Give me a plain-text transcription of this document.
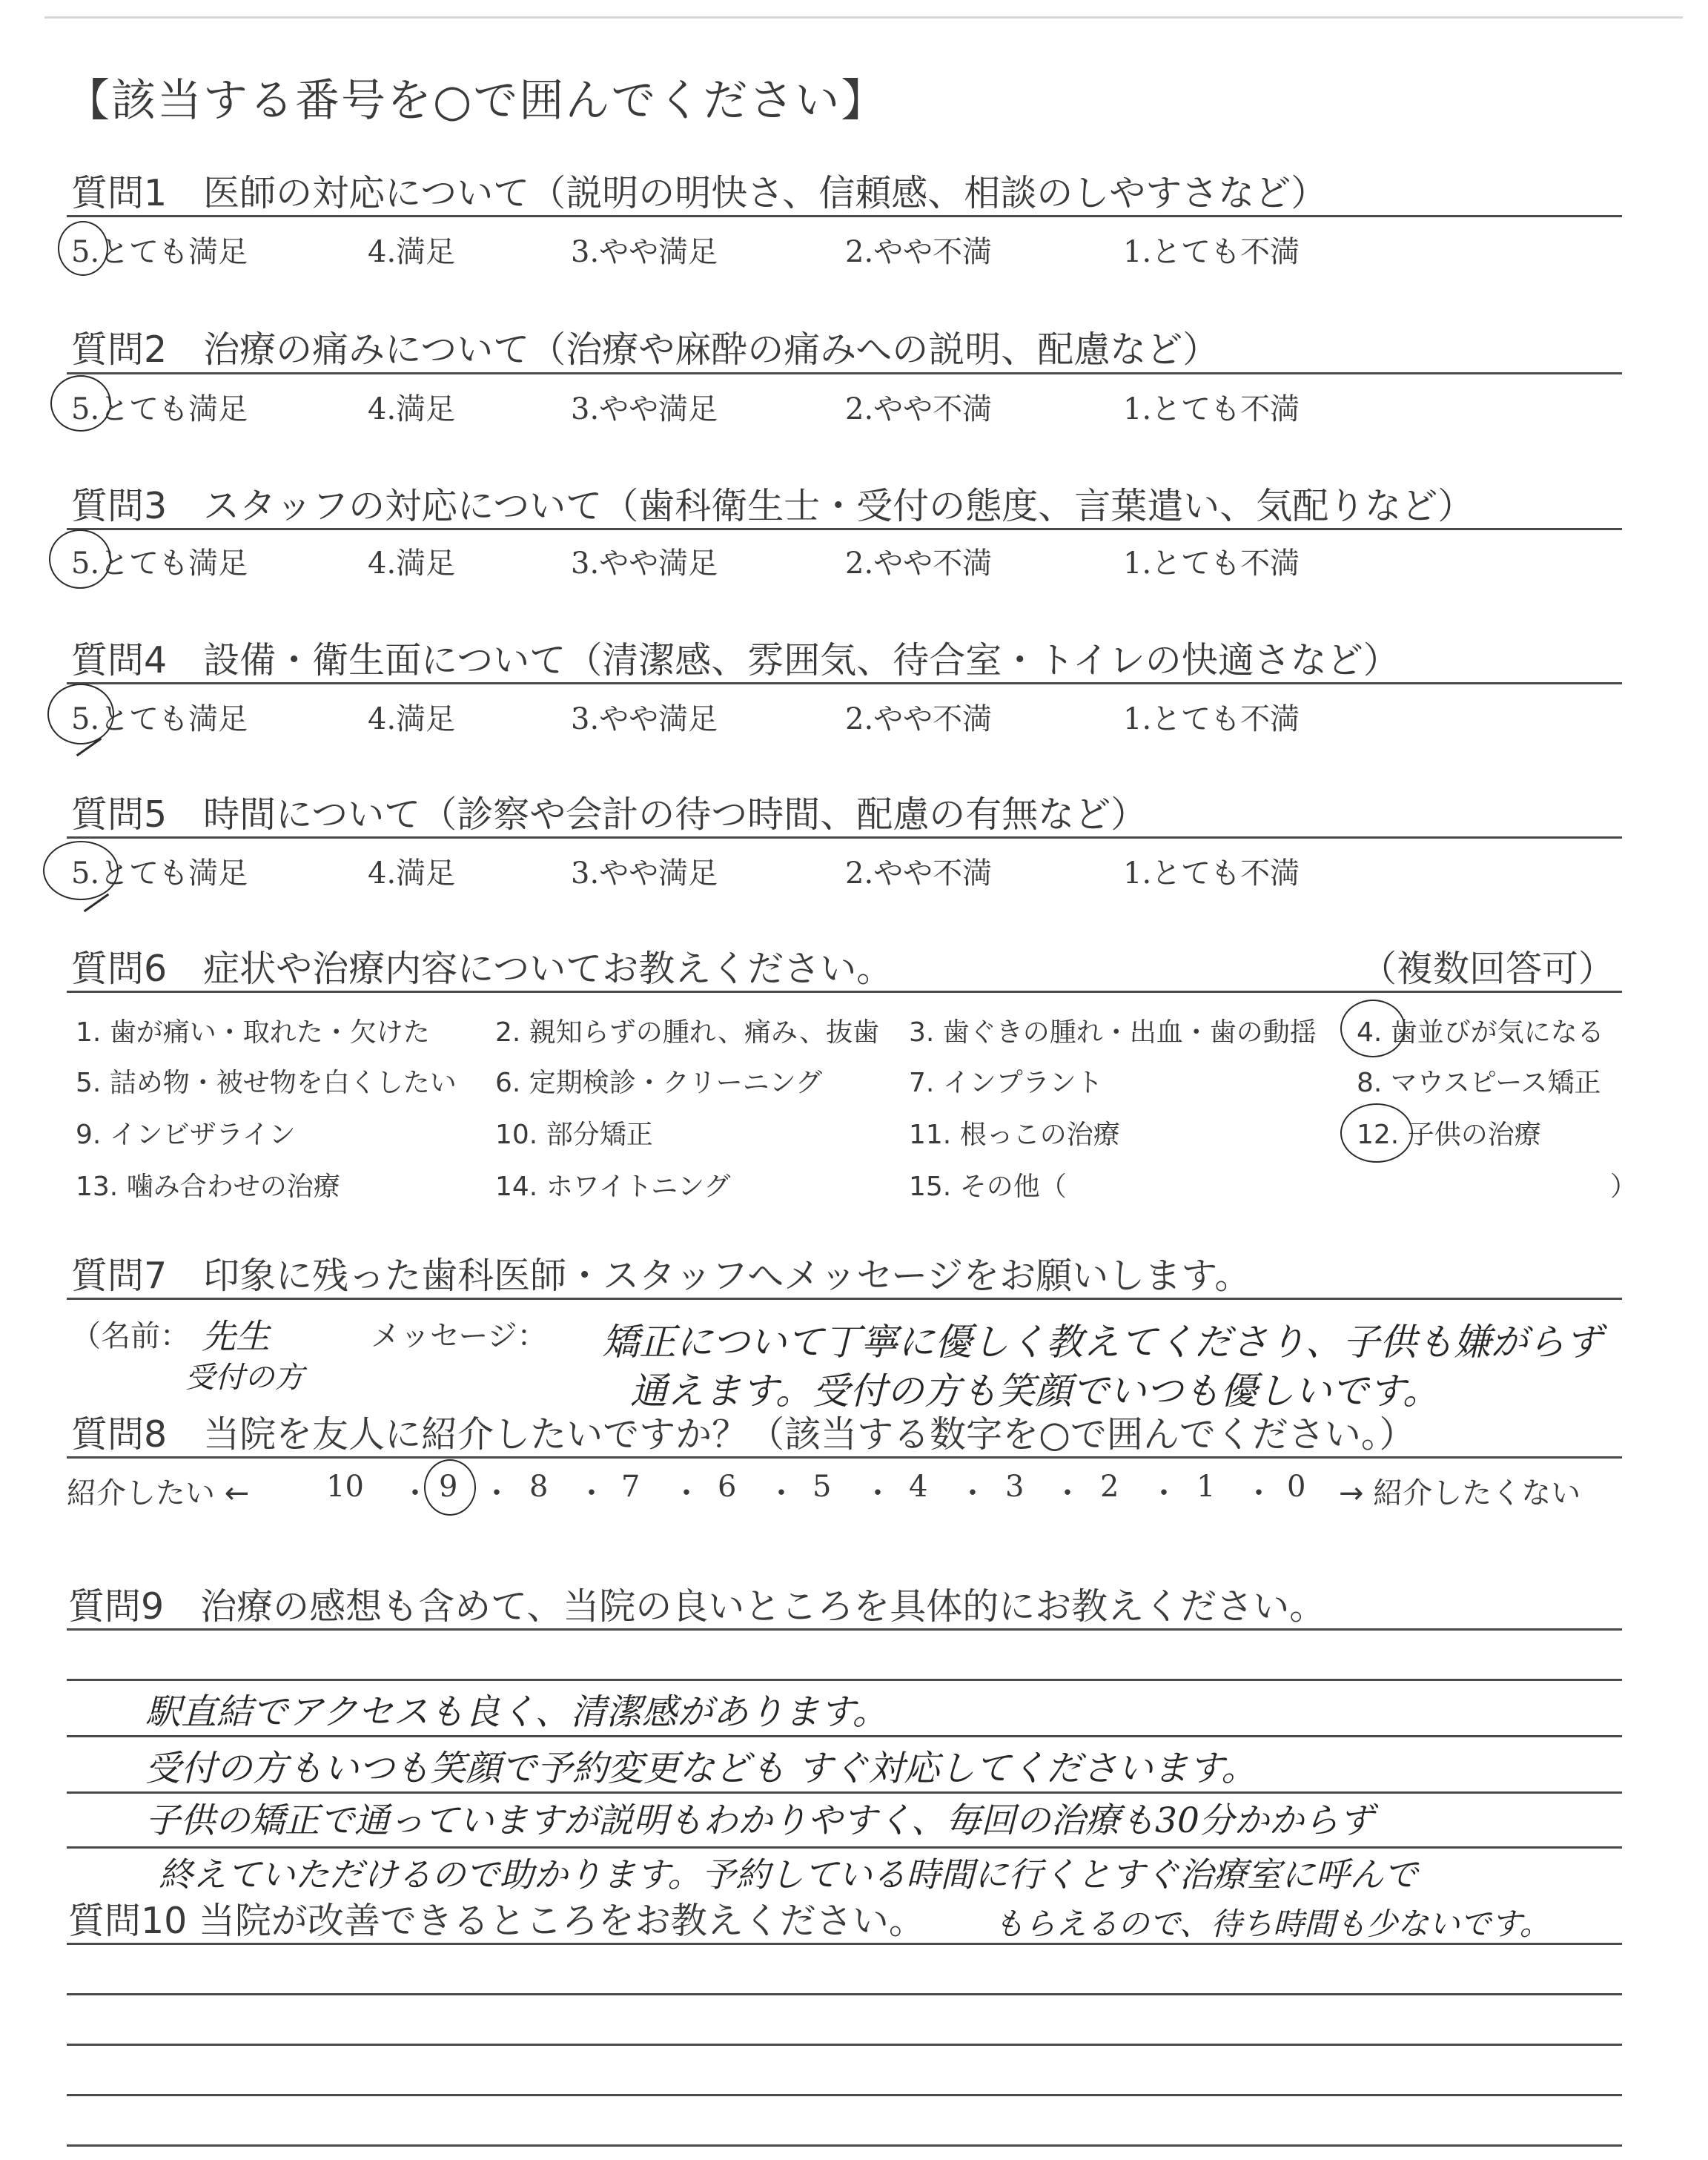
【該当する番号を○で囲んでください】
質問1　医師の対応について（説明の明快さ、信頼感、相談のしやすさなど）
5.とても満足	4.満足	3.やや満足	2.やや不満	1.とても不満
質問2　治療の痛みについて（治療や麻酔の痛みへの説明、配慮など）
5.とても満足	4.満足	3.やや満足	2.やや不満	1.とても不満
質問3　スタッフの対応について（歯科衛生士・受付の態度、言葉遣い、気配りなど）
5.とても満足	4.満足	3.やや満足	2.やや不満	1.とても不満
質問4　設備・衛生面について（清潔感、雰囲気、待合室・トイレの快適さなど）
5.とても満足	4.満足	3.やや満足	2.やや不満	1.とても不満
質問5　時間について（診察や会計の待つ時間、配慮の有無など）
5.とても満足	4.満足	3.やや満足	2.やや不満	1.とても不満
質問6　症状や治療内容についてお教えください。	（複数回答可）
1. 歯が痛い・取れた・欠けた 2. 親知らずの腫れ、痛み、抜歯 3. 歯ぐきの腫れ・出血・歯の動揺 4. 歯並びが気になる
5. 詰め物・被せ物を白くしたい 6. 定期検診・クリーニング	7. インプラント	8. マウスピース矯正
9. インビザライン	10. 部分矯正	11. 根っこの治療	12. 子供の治療
13. 噛み合わせの治療	14. ホワイトニング	15. その他（	）
質問7　印象に残った歯科医師・スタッフへメッセージをお願いします。
（名前：	メッセージ：
先生
受付の方
矯正について丁寧に優しく教えてくださり、子供も嫌がらず
通えます。受付の方も笑顔でいつも優しいです。
質問8　当院を友人に紹介したいですか？（該当する数字を○で囲んでください。）
紹介したい ←	10	9 8 7	6	5	4	3	2	1 0
・ ・ ・ ・ ・ ・ ・ ・ ・ ・ → 紹介したくない
質問9　治療の感想も含めて、当院の良いところを具体的にお教えください。
駅直結でアクセスも良く、清潔感があります。
受付の方もいつも笑顔で予約変更なども すぐ対応してくださいます。
子供の矯正で通っていますが説明もわかりやすく、毎回の治療も30分かからず
終えていただけるので助かります。予約している時間に行くとすぐ治療室に呼んで
もらえるので、待ち時間も少ないです。
質問10 当院が改善できるところをお教えください。
